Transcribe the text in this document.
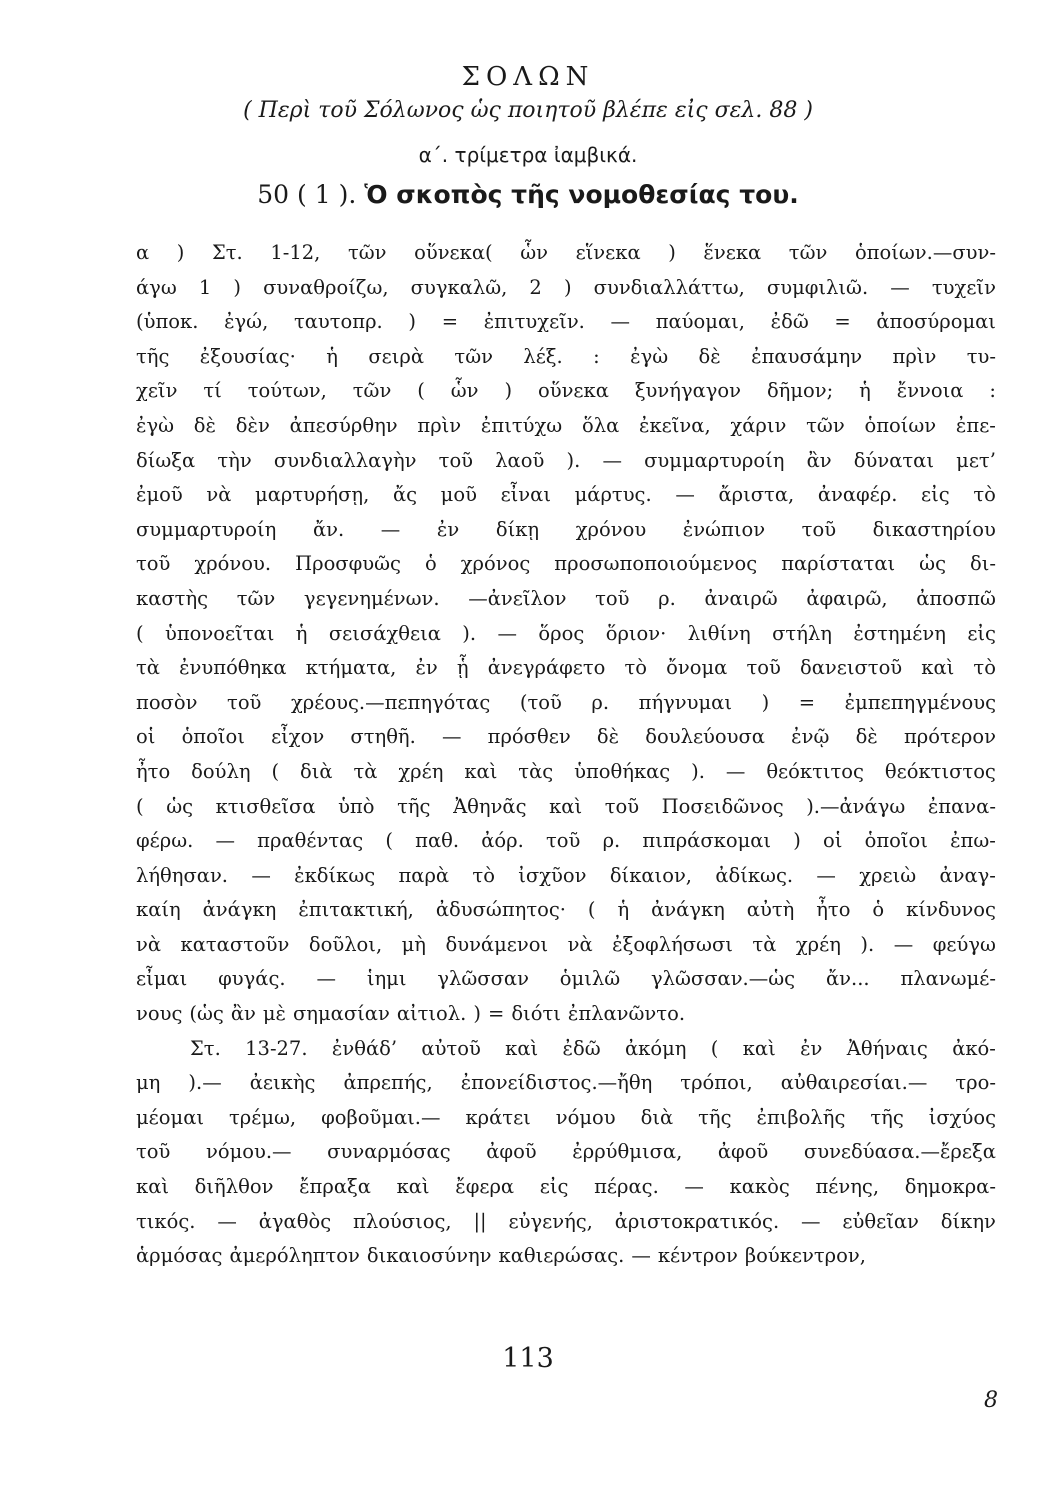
ΣΟΛΩΝ
( Περὶ τοῦ Σόλωνος ὡς ποιητοῦ βλέπε εἰς σελ. 88 )
α΄. τρίμετρα ἰαμβικά.
50 ( 1 ). Ὁ σκοπὸς τῆς νομοθεσίας του.
α ) Στ. 1-12, τῶν οὕνεκα( ὧν εἵνεκα ) ἕνεκα τῶν ὁποίων.—συν-
άγω 1 ) συναθροίζω, συγκαλῶ, 2 ) συνδιαλλάττω, συμφιλιῶ. — τυχεῖν
(ὑποκ. ἐγώ, ταυτοπρ. ) = ἐπιτυχεῖν. — παύομαι, ἐδῶ = ἀποσύρομαι
τῆς ἐξουσίας· ἡ σειρὰ τῶν λέξ. : ἐγὼ δὲ ἐπαυσάμην πρὶν τυ-
χεῖν τί τούτων, τῶν ( ὧν ) οὕνεκα ξυνήγαγον δῆμον; ἡ ἔννοια :
ἐγὼ δὲ δὲν ἀπεσύρθην πρὶν ἐπιτύχω ὅλα ἐκεῖνα, χάριν τῶν ὁποίων ἐπε-
δίωξα τὴν συνδιαλλαγὴν τοῦ λαοῦ ). — συμμαρτυροίη ἂν δύναται μετ’
ἐμοῦ νὰ μαρτυρήσῃ, ἄς μοῦ εἶναι μάρτυς. — ἄριστα, ἀναφέρ. εἰς τὸ
συμμαρτυροίη ἄν. — ἐν δίκῃ χρόνου ἐνώπιον τοῦ δικαστηρίου
τοῦ χρόνου. Προσφυῶς ὁ χρόνος προσωποποιούμενος παρίσταται ὡς δι-
καστὴς τῶν γεγενημένων. —ἀνεῖλον τοῦ ρ. ἀναιρῶ ἀφαιρῶ, ἀποσπῶ
( ὑπονοεῖται ἡ σεισάχθεια ). — ὅρος ὅριον· λιθίνη στήλη ἐστημένη εἰς
τὰ ἐνυπόθηκα κτήματα, ἐν ᾗ ἀνεγράφετο τὸ ὄνομα τοῦ δανειστοῦ καὶ τὸ
ποσὸν τοῦ χρέους.—πεπηγότας (τοῦ ρ. πήγνυμαι ) = ἐμπεπηγμένους
οἱ ὁποῖοι εἶχον στηθῆ. — πρόσθεν δὲ δουλεύουσα ἐνῷ δὲ πρότερον
ἦτο δούλη ( διὰ τὰ χρέη καὶ τὰς ὑποθήκας ). — θεόκτιτος θεόκτιστος
( ὡς κτισθεῖσα ὑπὸ τῆς Ἀθηνᾶς καὶ τοῦ Ποσειδῶνος ).—ἀνάγω ἐπανα-
φέρω. — πραθέντας ( παθ. ἀόρ. τοῦ ρ. πιπράσκομαι ) οἱ ὁποῖοι ἐπω-
λήθησαν. — ἐκδίκως παρὰ τὸ ἰσχῦον δίκαιον, ἀδίκως. — χρειὼ ἀναγ-
καίη ἀνάγκη ἐπιτακτική, ἀδυσώπητος· ( ἡ ἀνάγκη αὐτὴ ἦτο ὁ κίνδυνος
νὰ καταστοῦν δοῦλοι, μὴ δυνάμενοι νὰ ἐξοφλήσωσι τὰ χρέη ). — φεύγω
εἶμαι φυγάς. — ἱημι γλῶσσαν ὁμιλῶ γλῶσσαν.—ὡς ἄν... πλανωμέ-
νους (ὡς ἂν μὲ σημασίαν αἰτιολ. ) = διότι ἐπλανῶντο.
Στ. 13-27. ἐνθάδ’ αὐτοῦ καὶ ἐδῶ ἀκόμη ( καὶ ἐν Ἀθήναις ἀκό-
μη ).— ἀεικὴς ἀπρεπής, ἐπονείδιστος.—ἤθη τρόποι, αὐθαιρεσίαι.— τρο-
μέομαι τρέμω, φοβοῦμαι.— κράτει νόμου διὰ τῆς ἐπιβολῆς τῆς ἰσχύος
τοῦ νόμου.— συναρμόσας ἀφοῦ ἐρρύθμισα, ἀφοῦ συνεδύασα.—ἔρεξα
καὶ διῆλθον ἔπραξα καὶ ἔφερα εἰς πέρας. — κακὸς πένης, δημοκρα-
τικός. — ἀγαθὸς πλούσιος, || εὐγενής, ἀριστοκρατικός. — εὐθεῖαν δίκην
ἁρμόσας ἀμερόληπτον δικαιοσύνην καθιερώσας. — κέντρον βούκεντρον,
113
8
